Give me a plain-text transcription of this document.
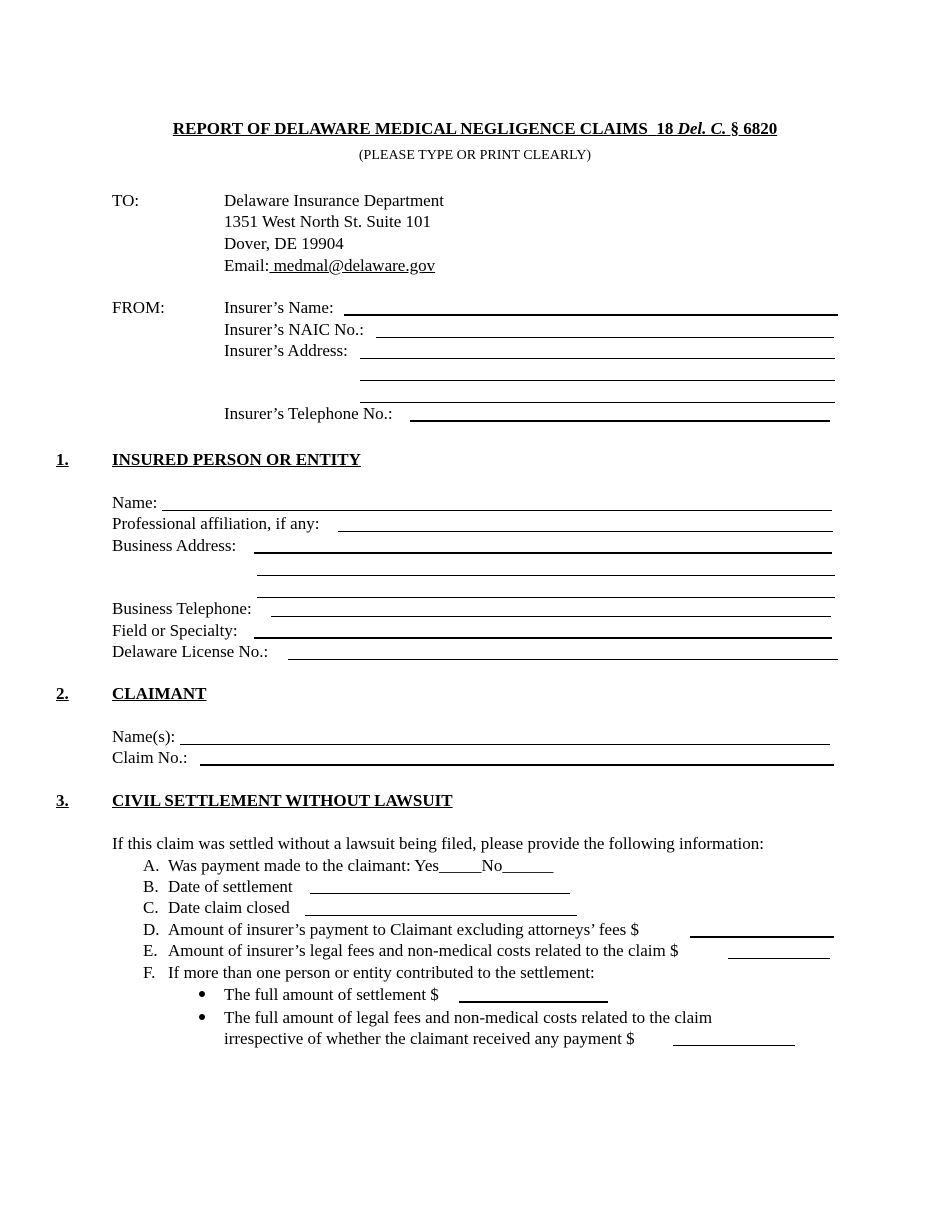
REPORT OF DELAWARE MEDICAL NEGLIGENCE CLAIMS 18 Del. C. § 6820
(PLEASE TYPE OR PRINT CLEARLY)
TO:	Delaware Insurance Department
1351 West North St. Suite 101
Dover, DE 19904
Email: medmal@delaware.gov
FROM:	Insurer’s Name:
Insurer’s NAIC No.:
Insurer’s Address:
Insurer’s Telephone No.:
1.	INSURED PERSON OR ENTITY
Name:
Professional affiliation, if any:
Business Address:
Business Telephone:
Field or Specialty:
Delaware License No.:
2.	CLAIMANT
Name(s):
Claim No.:
3.	CIVIL SETTLEMENT WITHOUT LAWSUIT
If this claim was settled without a lawsuit being filed, please provide the following information:
A. Was payment made to the claimant: Yes_____No______
B. Date of settlement
C. Date claim closed
D. Amount of insurer’s payment to Claimant excluding attorneys’ fees $
E. Amount of insurer’s legal fees and non-medical costs related to the claim $
F. If more than one person or entity contributed to the settlement:
The full amount of settlement $
The full amount of legal fees and non-medical costs related to the claim
irrespective of whether the claimant received any payment $
